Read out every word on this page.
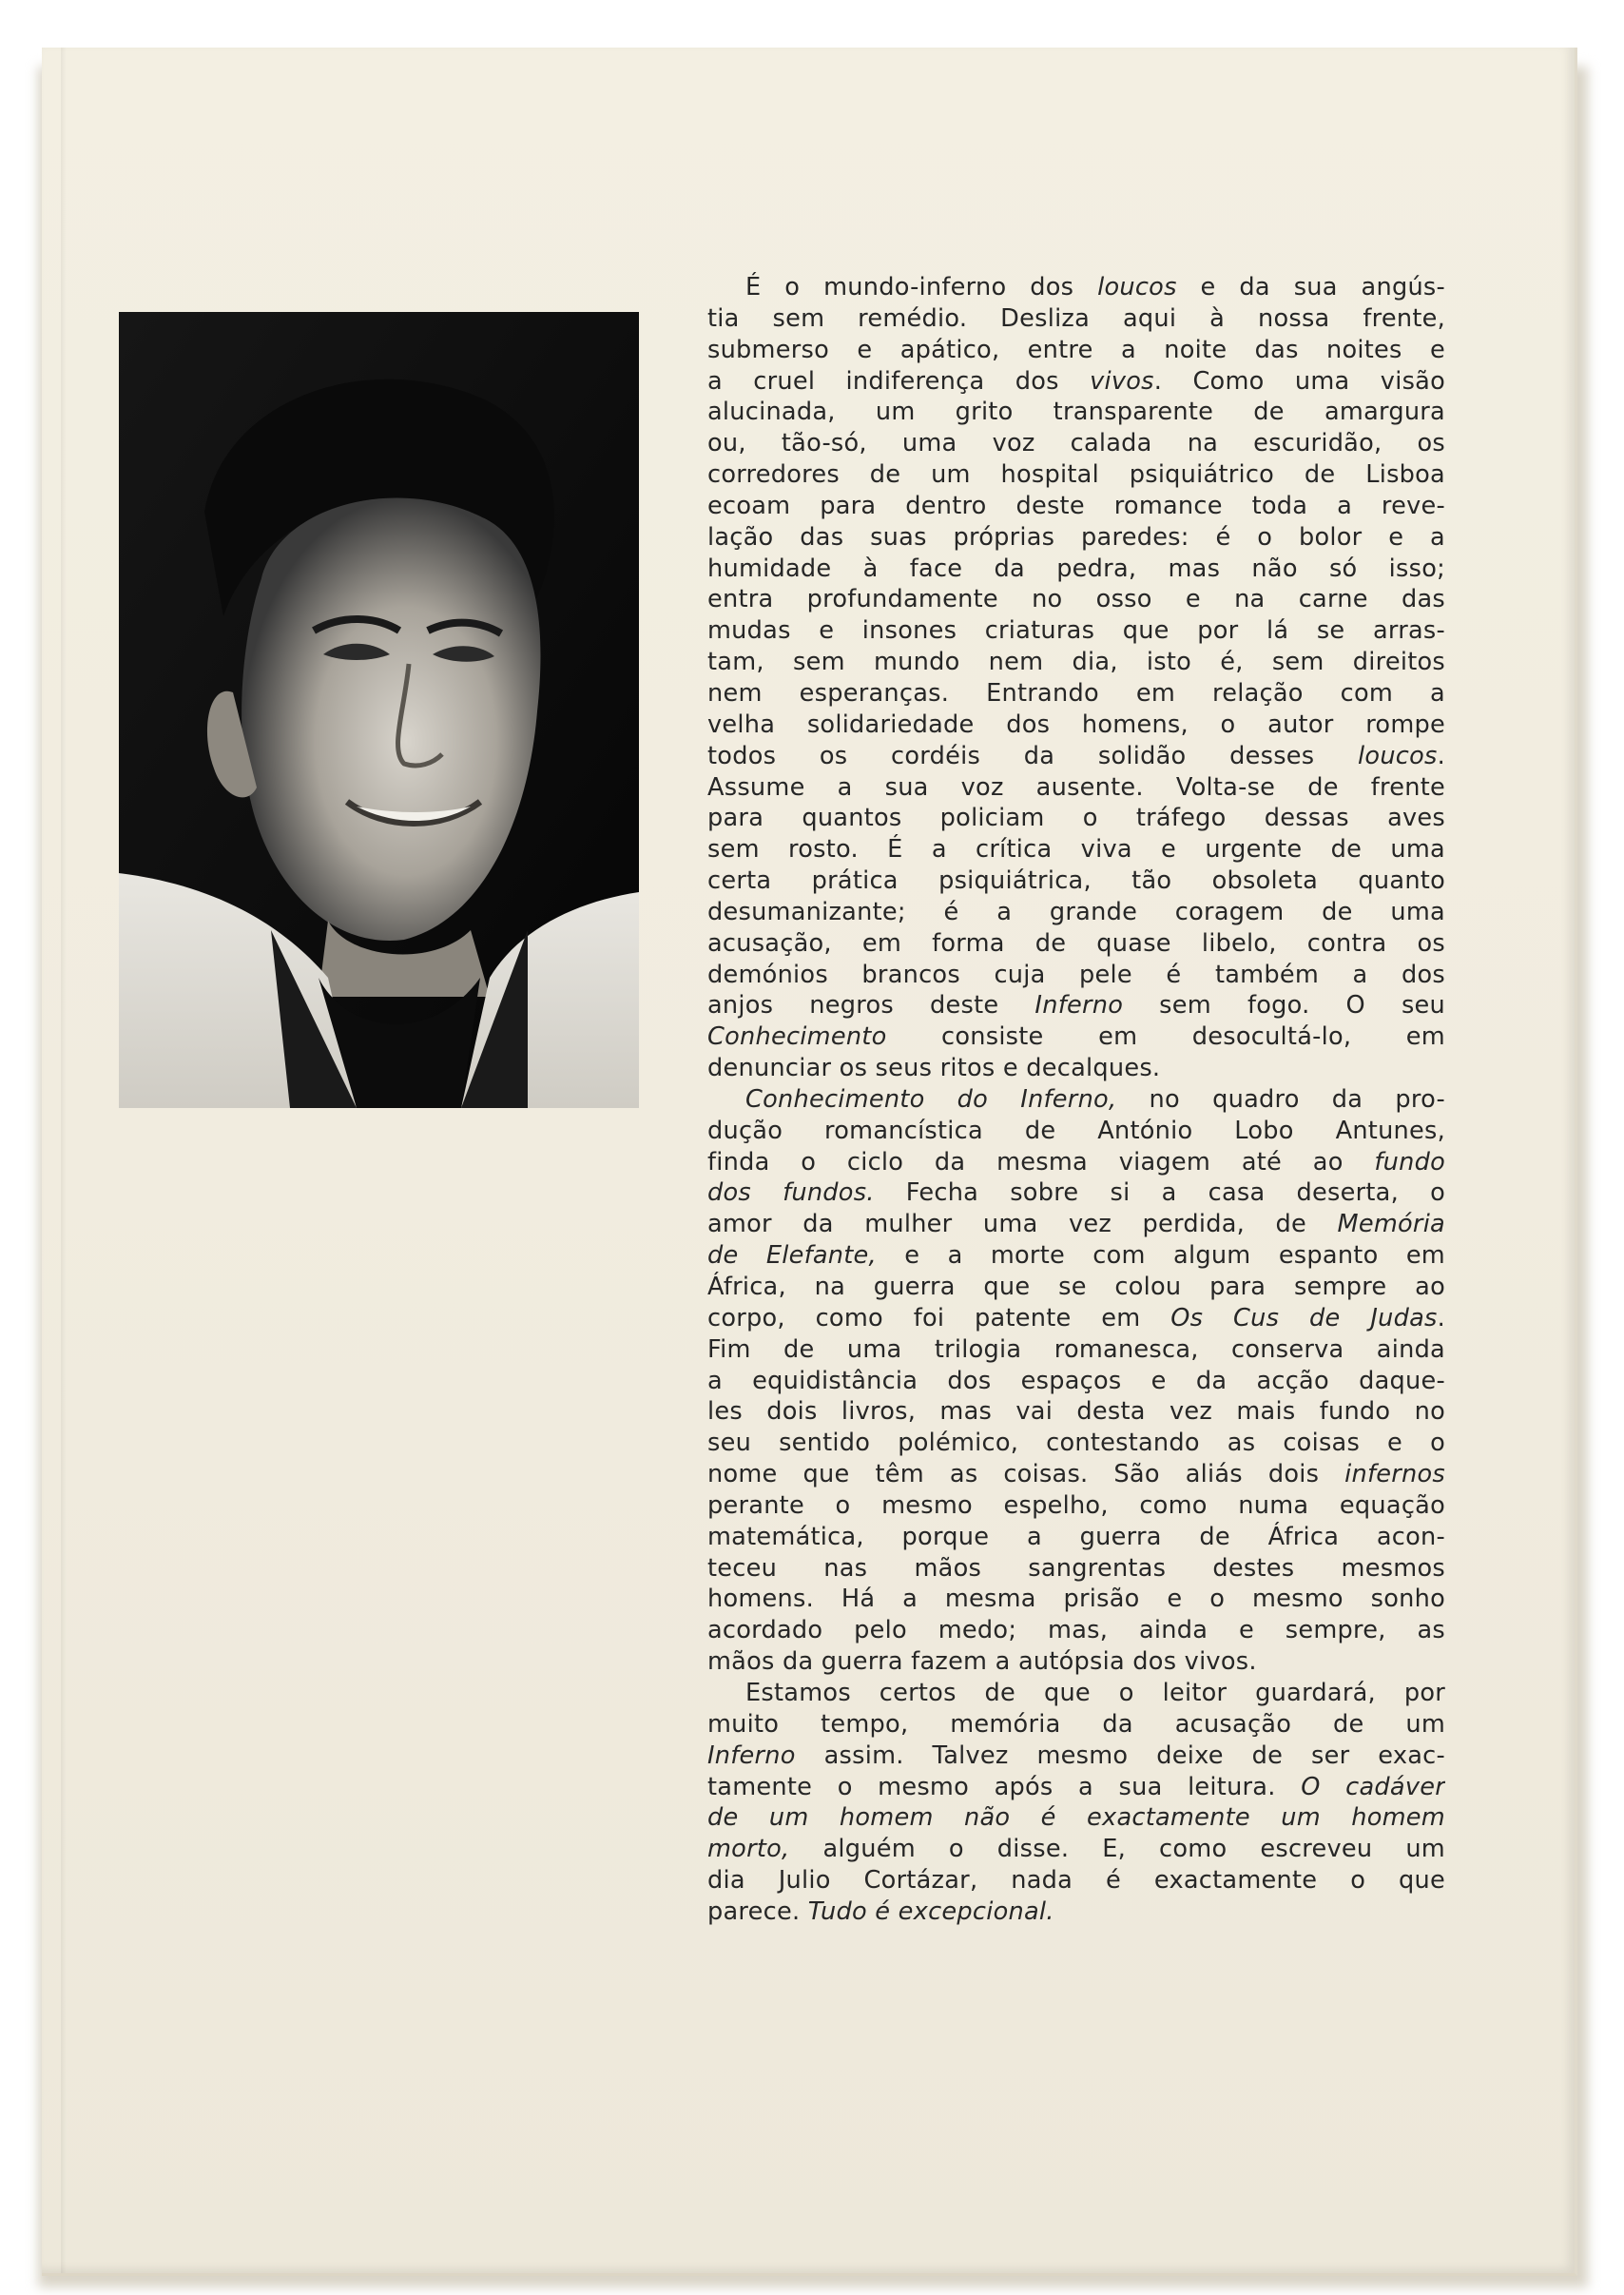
É o mundo-inferno dos loucos e da sua angús-
tia sem remédio. Desliza aqui à nossa frente,
submerso e apático, entre a noite das noites e
a cruel indiferença dos vivos. Como uma visão
alucinada, um grito transparente de amargura
ou, tão-só, uma voz calada na escuridão, os
corredores de um hospital psiquiátrico de Lisboa
ecoam para dentro deste romance toda a reve-
lação das suas próprias paredes: é o bolor e a
humidade à face da pedra, mas não só isso;
entra profundamente no osso e na carne das
mudas e insones criaturas que por lá se arras-
tam, sem mundo nem dia, isto é, sem direitos
nem esperanças. Entrando em relação com a
velha solidariedade dos homens, o autor rompe
todos os cordéis da solidão desses loucos.
Assume a sua voz ausente. Volta-se de frente
para quantos policiam o tráfego dessas aves
sem rosto. É a crítica viva e urgente de uma
certa prática psiquiátrica, tão obsoleta quanto
desumanizante; é a grande coragem de uma
acusação, em forma de quase libelo, contra os
demónios brancos cuja pele é também a dos
anjos negros deste Inferno sem fogo. O seu
Conhecimento consiste em desocultá-lo, em
denunciar os seus ritos e decalques.
Conhecimento do Inferno, no quadro da pro-
dução romancística de António Lobo Antunes,
finda o ciclo da mesma viagem até ao fundo
dos fundos. Fecha sobre si a casa deserta, o
amor da mulher uma vez perdida, de Memória
de Elefante, e a morte com algum espanto em
África, na guerra que se colou para sempre ao
corpo, como foi patente em Os Cus de Judas.
Fim de uma trilogia romanesca, conserva ainda
a equidistância dos espaços e da acção daque-
les dois livros, mas vai desta vez mais fundo no
seu sentido polémico, contestando as coisas e o
nome que têm as coisas. São aliás dois infernos
perante o mesmo espelho, como numa equação
matemática, porque a guerra de África acon-
teceu nas mãos sangrentas destes mesmos
homens. Há a mesma prisão e o mesmo sonho
acordado pelo medo; mas, ainda e sempre, as
mãos da guerra fazem a autópsia dos vivos.
Estamos certos de que o leitor guardará, por
muito tempo, memória da acusação de um
Inferno assim. Talvez mesmo deixe de ser exac-
tamente o mesmo após a sua leitura. O cadáver
de um homem não é exactamente um homem
morto, alguém o disse. E, como escreveu um
dia Julio Cortázar, nada é exactamente o que
parece. Tudo é excepcional.
